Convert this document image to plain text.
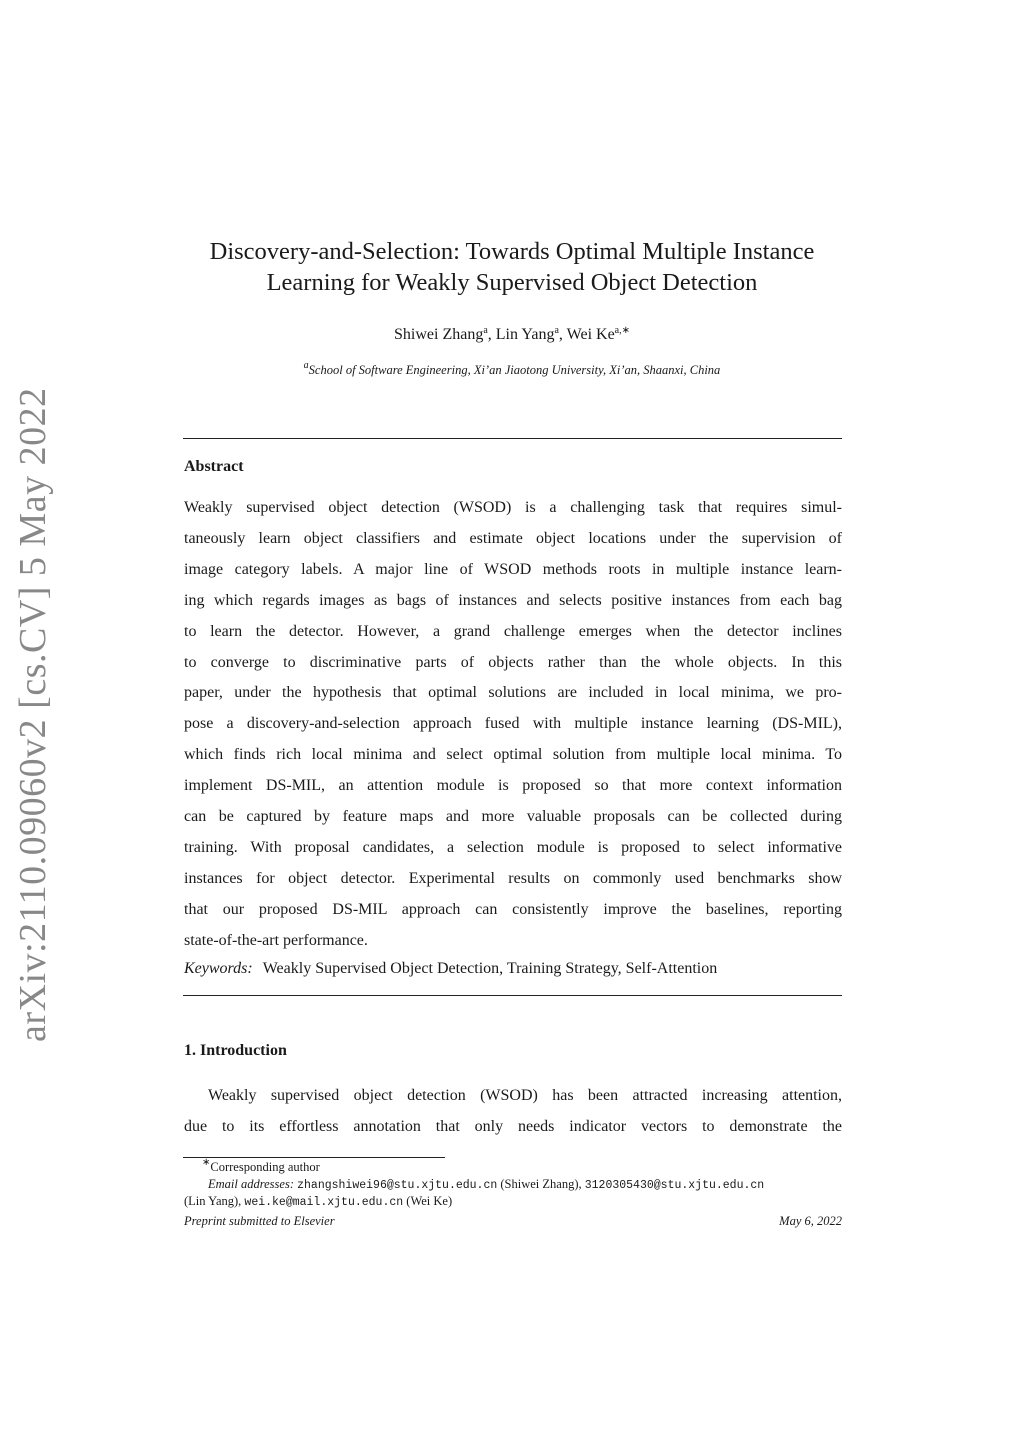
arXiv:2110.09060v2 [cs.CV] 5 May 2022
Discovery-and-Selection: Towards Optimal Multiple Instance
Learning for Weakly Supervised Object Detection
Shiwei Zhang$^a$, Lin Yang$^a$, Wei $Ke^{a,∗}$
$^a$School of Software Engineering, Xi’an Jiaotong University, Xi’an, Shaanxi, China
Abstract
Weakly supervised object detection (WSOD) is a challenging task that requires simul-
taneously learn object classifiers and estimate object locations under the supervision of
image category labels. A major line of WSOD methods roots in multiple instance learn-
ing which regards images as bags of instances and selects positive instances from each bag
to learn the detector. However, a grand challenge emerges when the detector inclines
to converge to discriminative parts of objects rather than the whole objects. In this
paper, under the hypothesis that optimal solutions are included in local minima, we pro-
pose a discovery-and-selection approach fused with multiple instance learning (DS-MIL),
which finds rich local minima and select optimal solution from multiple local minima. To
implement DS-MIL, an attention module is proposed so that more context information
can be captured by feature maps and more valuable proposals can be collected during
training. With proposal candidates, a selection module is proposed to select informative
instances for object detector. Experimental results on commonly used benchmarks show
that our proposed DS-MIL approach can consistently improve the baselines, reporting
state-of-the-art performance.
Keywords: Weakly Supervised Object Detection, Training Strategy, Self-Attention
1. Introduction
Weakly supervised object detection (WSOD) has been attracted increasing attention,
due to its effortless annotation that only needs indicator vectors to demonstrate the
∗Corresponding author
Email addresses: zhangshiwei96@stu.xjtu.edu.cn (Shiwei Zhang), 3120305430@stu.xjtu.edu.cn
(Lin Yang), wei.ke@mail.xjtu.edu.cn (Wei Ke)
Preprint submitted to Elsevier	May 6, 2022
